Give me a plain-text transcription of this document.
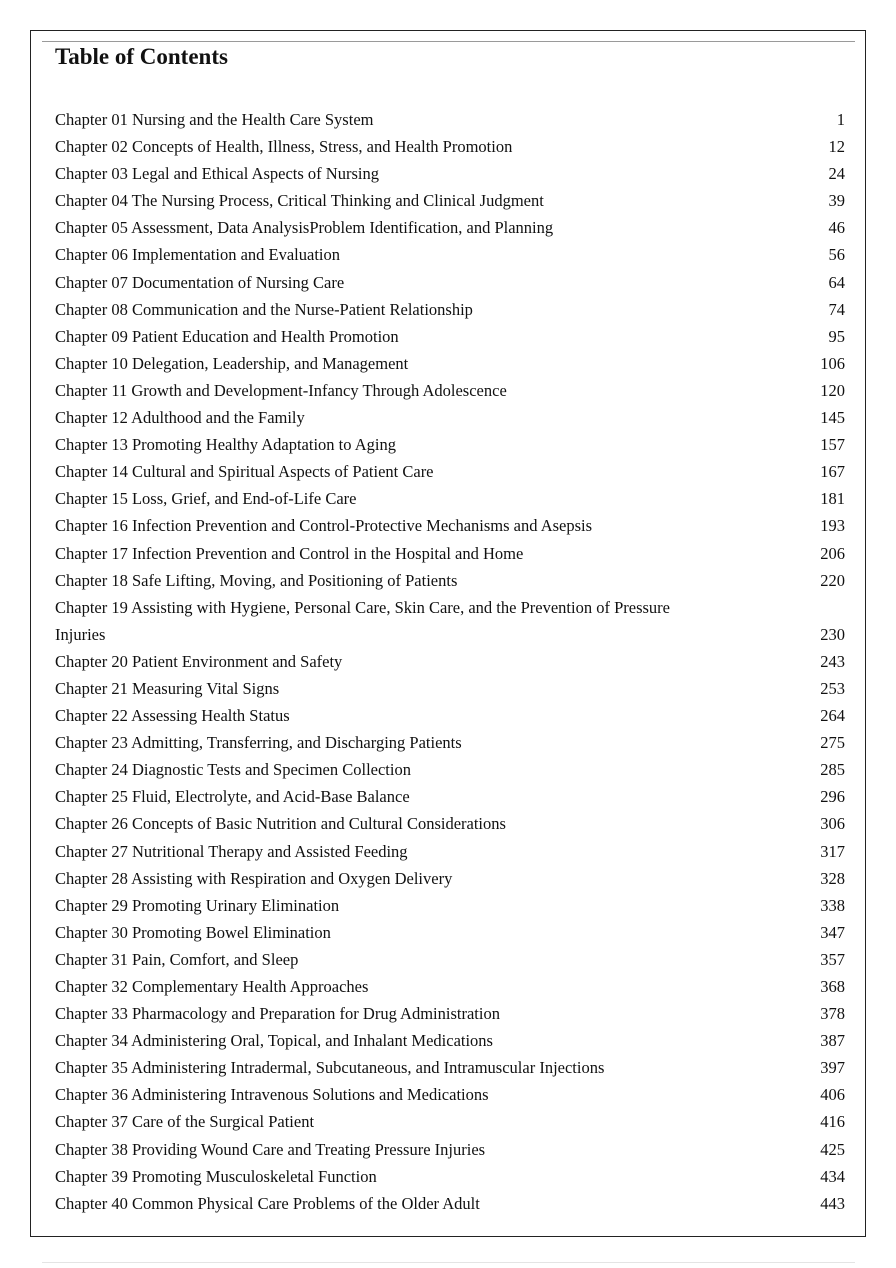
Table of Contents
Chapter 01 Nursing and the Health Care System	1
Chapter 02 Concepts of Health, Illness, Stress, and Health Promotion	12
Chapter 03 Legal and Ethical Aspects of Nursing	24
Chapter 04 The Nursing Process, Critical Thinking and Clinical Judgment	39
Chapter 05 Assessment, Data AnalysisProblem Identification, and Planning	46
Chapter 06 Implementation and Evaluation	56
Chapter 07 Documentation of Nursing Care	64
Chapter 08 Communication and the Nurse-Patient Relationship	74
Chapter 09 Patient Education and Health Promotion	95
Chapter 10 Delegation, Leadership, and Management	106
Chapter 11 Growth and Development-Infancy Through Adolescence	120
Chapter 12 Adulthood and the Family	145
Chapter 13 Promoting Healthy Adaptation to Aging	157
Chapter 14 Cultural and Spiritual Aspects of Patient Care	167
Chapter 15 Loss, Grief, and End-of-Life Care	181
Chapter 16 Infection Prevention and Control-Protective Mechanisms and Asepsis	193
Chapter 17 Infection Prevention and Control in the Hospital and Home	206
Chapter 18 Safe Lifting, Moving, and Positioning of Patients	220
Chapter 19 Assisting with Hygiene, Personal Care, Skin Care, and the Prevention of Pressure Injuries	230
Chapter 20 Patient Environment and Safety	243
Chapter 21 Measuring Vital Signs	253
Chapter 22 Assessing Health Status	264
Chapter 23 Admitting, Transferring, and Discharging Patients	275
Chapter 24 Diagnostic Tests and Specimen Collection	285
Chapter 25 Fluid, Electrolyte, and Acid-Base Balance	296
Chapter 26 Concepts of Basic Nutrition and Cultural Considerations	306
Chapter 27 Nutritional Therapy and Assisted Feeding	317
Chapter 28 Assisting with Respiration and Oxygen Delivery	328
Chapter 29 Promoting Urinary Elimination	338
Chapter 30 Promoting Bowel Elimination	347
Chapter 31 Pain, Comfort, and Sleep	357
Chapter 32 Complementary Health Approaches	368
Chapter 33 Pharmacology and Preparation for Drug Administration	378
Chapter 34 Administering Oral, Topical, and Inhalant Medications	387
Chapter 35 Administering Intradermal, Subcutaneous, and Intramuscular Injections	397
Chapter 36 Administering Intravenous Solutions and Medications	406
Chapter 37 Care of the Surgical Patient	416
Chapter 38 Providing Wound Care and Treating Pressure Injuries	425
Chapter 39 Promoting Musculoskeletal Function	434
Chapter 40 Common Physical Care Problems of the Older Adult	443
